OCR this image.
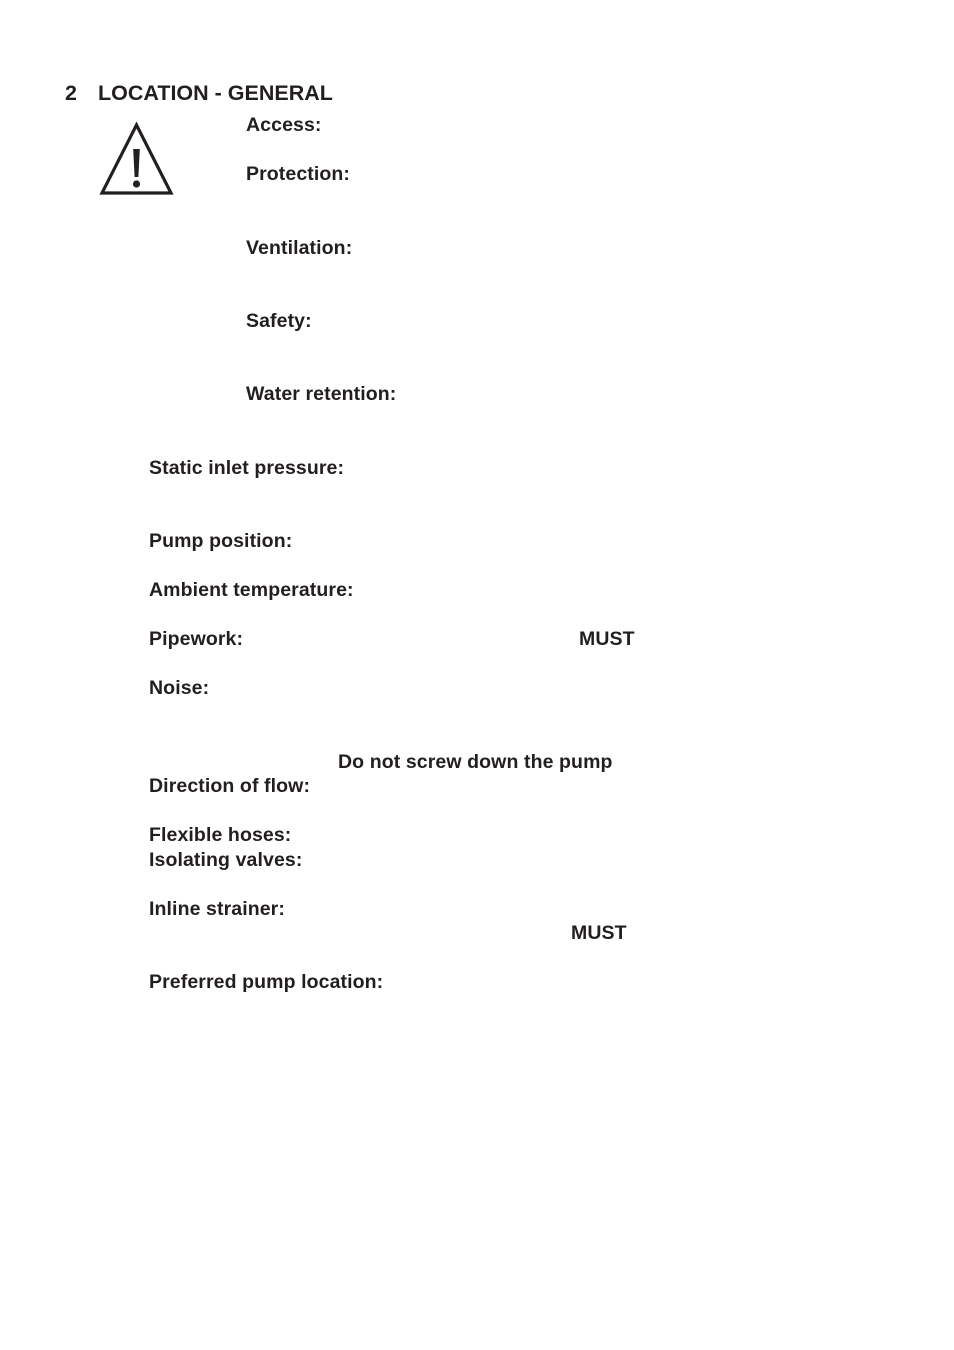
2 LOCATION - GENERAL
Access:
Protection:
Ventilation:
Safety:
Water retention:
Static inlet pressure:
Pump position:
Ambient temperature:
Pipework:	MUST
Noise:
Do not screw down the pump
Direction of flow:
Flexible hoses:
Isolating valves:
Inline strainer:
MUST
Preferred pump location:
